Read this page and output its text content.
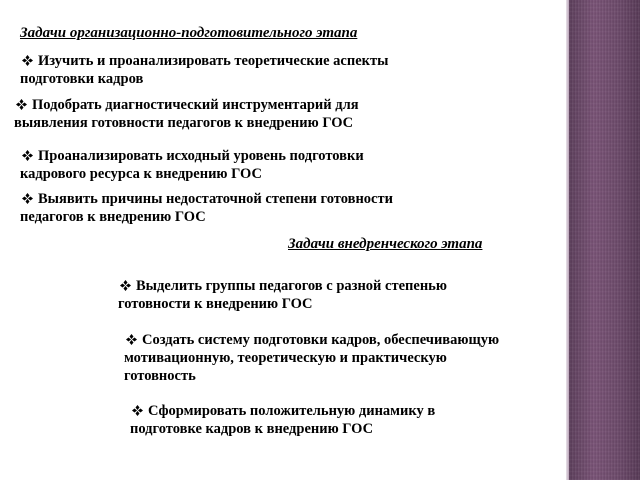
Задачи организационно-подготовительного этапа
Изучить и проанализировать теоретические аспекты
подготовки кадров
Подобрать диагностический инструментарий для
выявления готовности педагогов к внедрению ГОС
Проанализировать исходный уровень подготовки
кадрового ресурса к внедрению ГОС
Выявить причины недостаточной степени готовности
педагогов к внедрению ГОС
Задачи внедренческого этапа
Выделить группы педагогов с разной степенью
готовности к внедрению ГОС
Создать систему подготовки кадров, обеспечивающую
мотивационную, теоретическую и практическую
готовность
Сформировать положительную динамику в
подготовке кадров к внедрению ГОС
